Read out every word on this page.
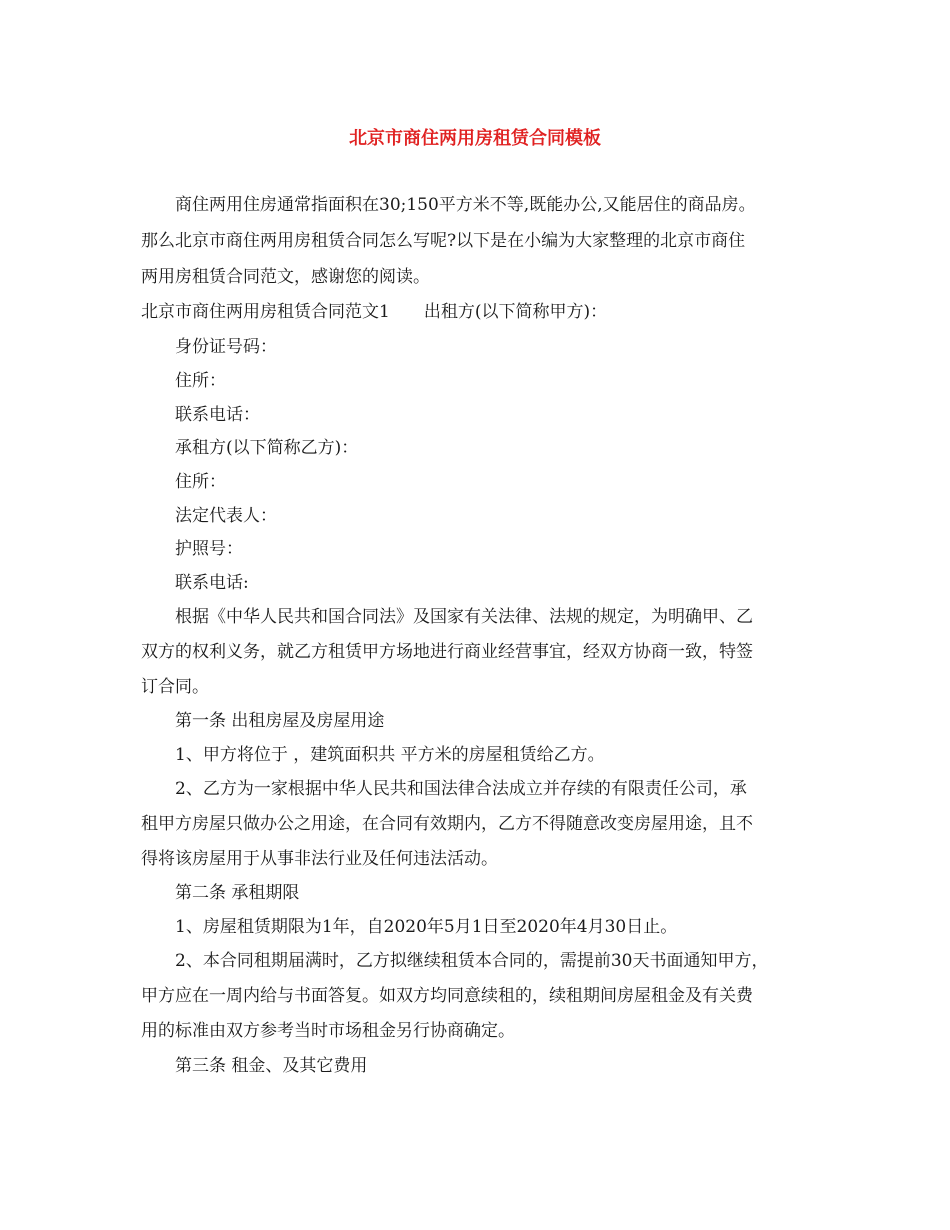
北京市商住两用房租赁合同模板
商住两用住房通常指面积在30;150平方米不等,既能办公,又能居住的商品房。
那么北京市商住两用房租赁合同怎么写呢?以下是在小编为大家整理的北京市商住
两用房租赁合同范文，感谢您的阅读。
北京市商住两用房租赁合同范文1　　出租方(以下简称甲方)：
身份证号码：
住所：
联系电话：
承租方(以下简称乙方)：
住所：
法定代表人：
护照号：
联系电话:
根据《中华人民共和国合同法》及国家有关法律、法规的规定，为明确甲、乙
双方的权利义务，就乙方租赁甲方场地进行商业经营事宜，经双方协商一致，特签
订合同。
第一条 出租房屋及房屋用途
1、甲方将位于 ，建筑面积共 平方米的房屋租赁给乙方。
2、乙方为一家根据中华人民共和国法律合法成立并存续的有限责任公司，承
租甲方房屋只做办公之用途，在合同有效期内，乙方不得随意改变房屋用途，且不
得将该房屋用于从事非法行业及任何违法活动。
第二条 承租期限
1、房屋租赁期限为1年，自2020年5月1日至2020年4月30日止。
2、本合同租期届满时，乙方拟继续租赁本合同的，需提前30天书面通知甲方，
甲方应在一周内给与书面答复。如双方均同意续租的，续租期间房屋租金及有关费
用的标准由双方参考当时市场租金另行协商确定。
第三条 租金、及其它费用
